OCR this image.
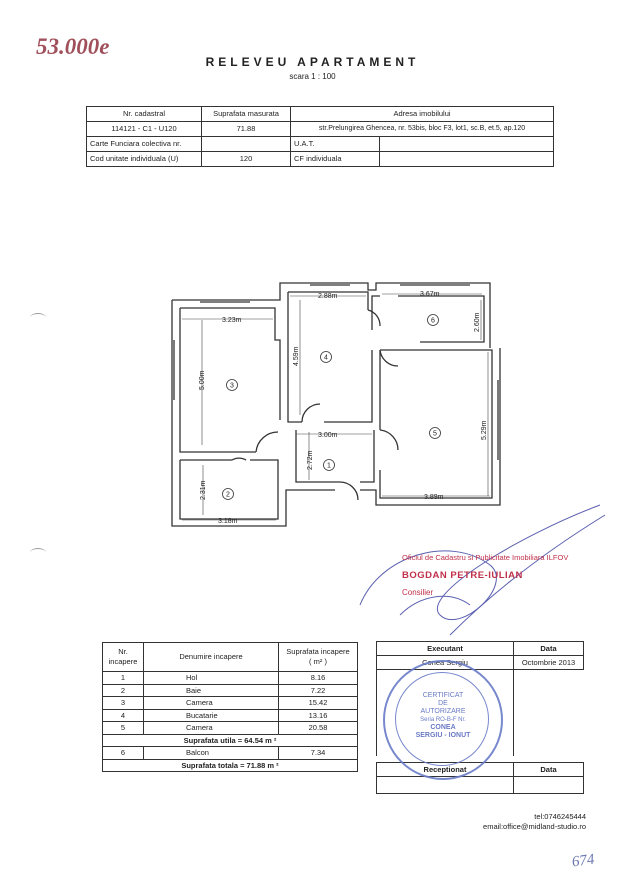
53.000e
RELEVEU APARTAMENT
scara 1 : 100
Nr. cadastral	Suprafata masurata	Adresa imobilului	
114121 - C1 - U120	71.88	str.Prelungirea Ghencea, nr. 53bis, bloc F3, lot1, sc.B, et.5, ap.120	
Carte Funciara colectiva nr.		U.A.T.	
Cod unitate individuala (U)	120	CF individuala	
3.23m
5.00m
2.31m
3.18m
2.88m
4.59m
3.00m
2.72m
3.67m
2.60m
5.29m
3.89m
1
2
3
4
5
6
Oficiul de Cadastru si Publicitate Imobiliara ILFOV
BOGDAN PETRE-IULIAN
Consilier
Nr. incapere	Denumire incapere	Suprafata incapere
( m² )
1	Hol	8.16
2	Baie	7.22
3	Camera	15.42
4	Bucatarie	13.16
5	Camera	20.58
Suprafata utila = 64.54 m ²		
6	Balcon	7.34
Suprafata totala = 71.88 m ²		
Executant	Data
Conea Sergiu	Octombrie 2013

Receptionat	Data

CERTIFICAT
DE
AUTORIZARE
Seria RO-B-F Nr.
CONEA
SERGIU - IONUT
tel:0746245444
email:office@midland-studio.ro
674
